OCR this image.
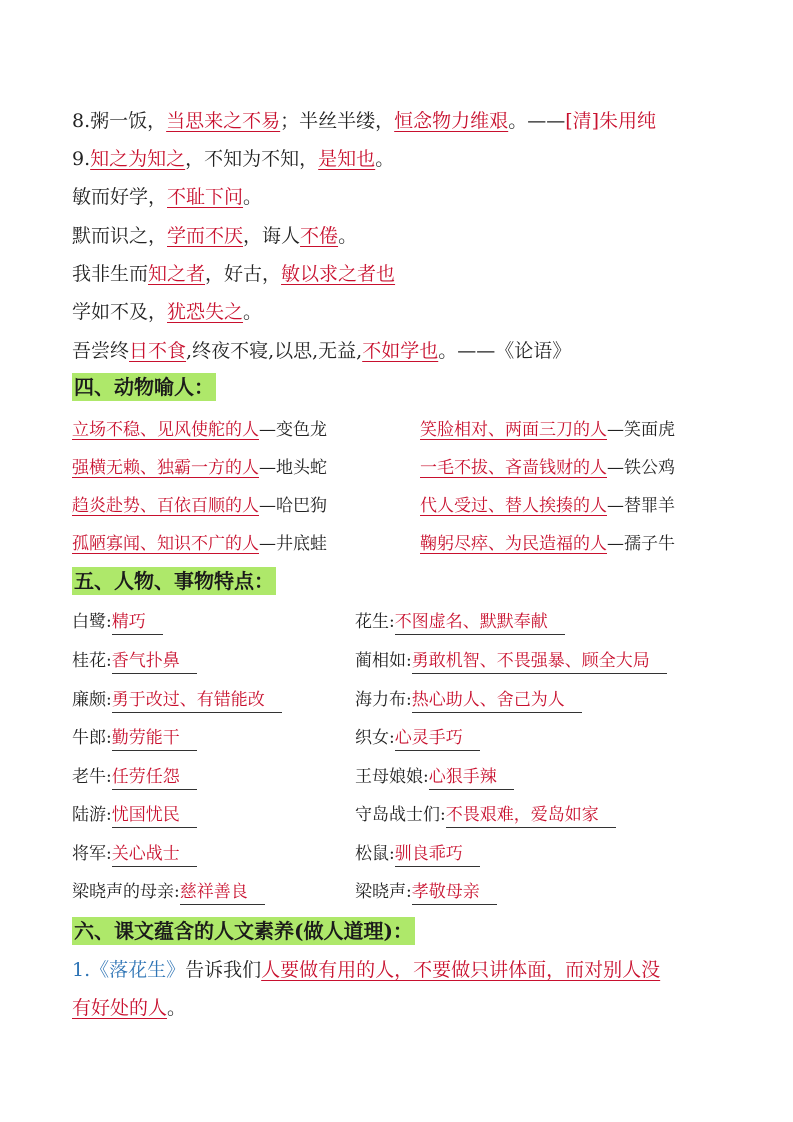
8.粥一饭，当思来之不易；半丝半缕，恒念物力维艰。——[清]朱用纯
9.知之为知之，不知为不知，是知也。
敏而好学，不耻下问。
默而识之，学而不厌，诲人不倦。
我非生而知之者，好古，敏以求之者也
学如不及，犹恐失之。
吾尝终日不食,终夜不寝,以思,无益,不如学也。——《论语》
四、动物喻人：
立场不稳、见风使舵的人—变色龙	笑脸相对、两面三刀的人—笑面虎
强横无赖、独霸一方的人—地头蛇	一毛不拔、吝啬钱财的人—铁公鸡
趋炎赴势、百依百顺的人—哈巴狗	代人受过、替人挨揍的人—替罪羊
孤陋寡闻、知识不广的人—井底蛙	鞠躬尽瘁、为民造福的人—孺子牛
五、人物、事物特点：
白鹭:精巧　	花生:不图虚名、默默奉献　
桂花:香气扑鼻　	蔺相如:勇敢机智、不畏强暴、顾全大局　
廉颇:勇于改过、有错能改　	海力布:热心助人、舍己为人　
牛郎:勤劳能干　	织女:心灵手巧　
老牛:任劳任怨　	王母娘娘:心狠手辣　
陆游:忧国忧民　	守岛战士们:不畏艰难，爱岛如家　
将军:关心战士　	松鼠:驯良乖巧　
梁晓声的母亲:慈祥善良　	梁晓声:孝敬母亲　
六、课文蕴含的人文素养(做人道理)：
1.《落花生》告诉我们人要做有用的人，不要做只讲体面，而对别人没
有好处的人。
